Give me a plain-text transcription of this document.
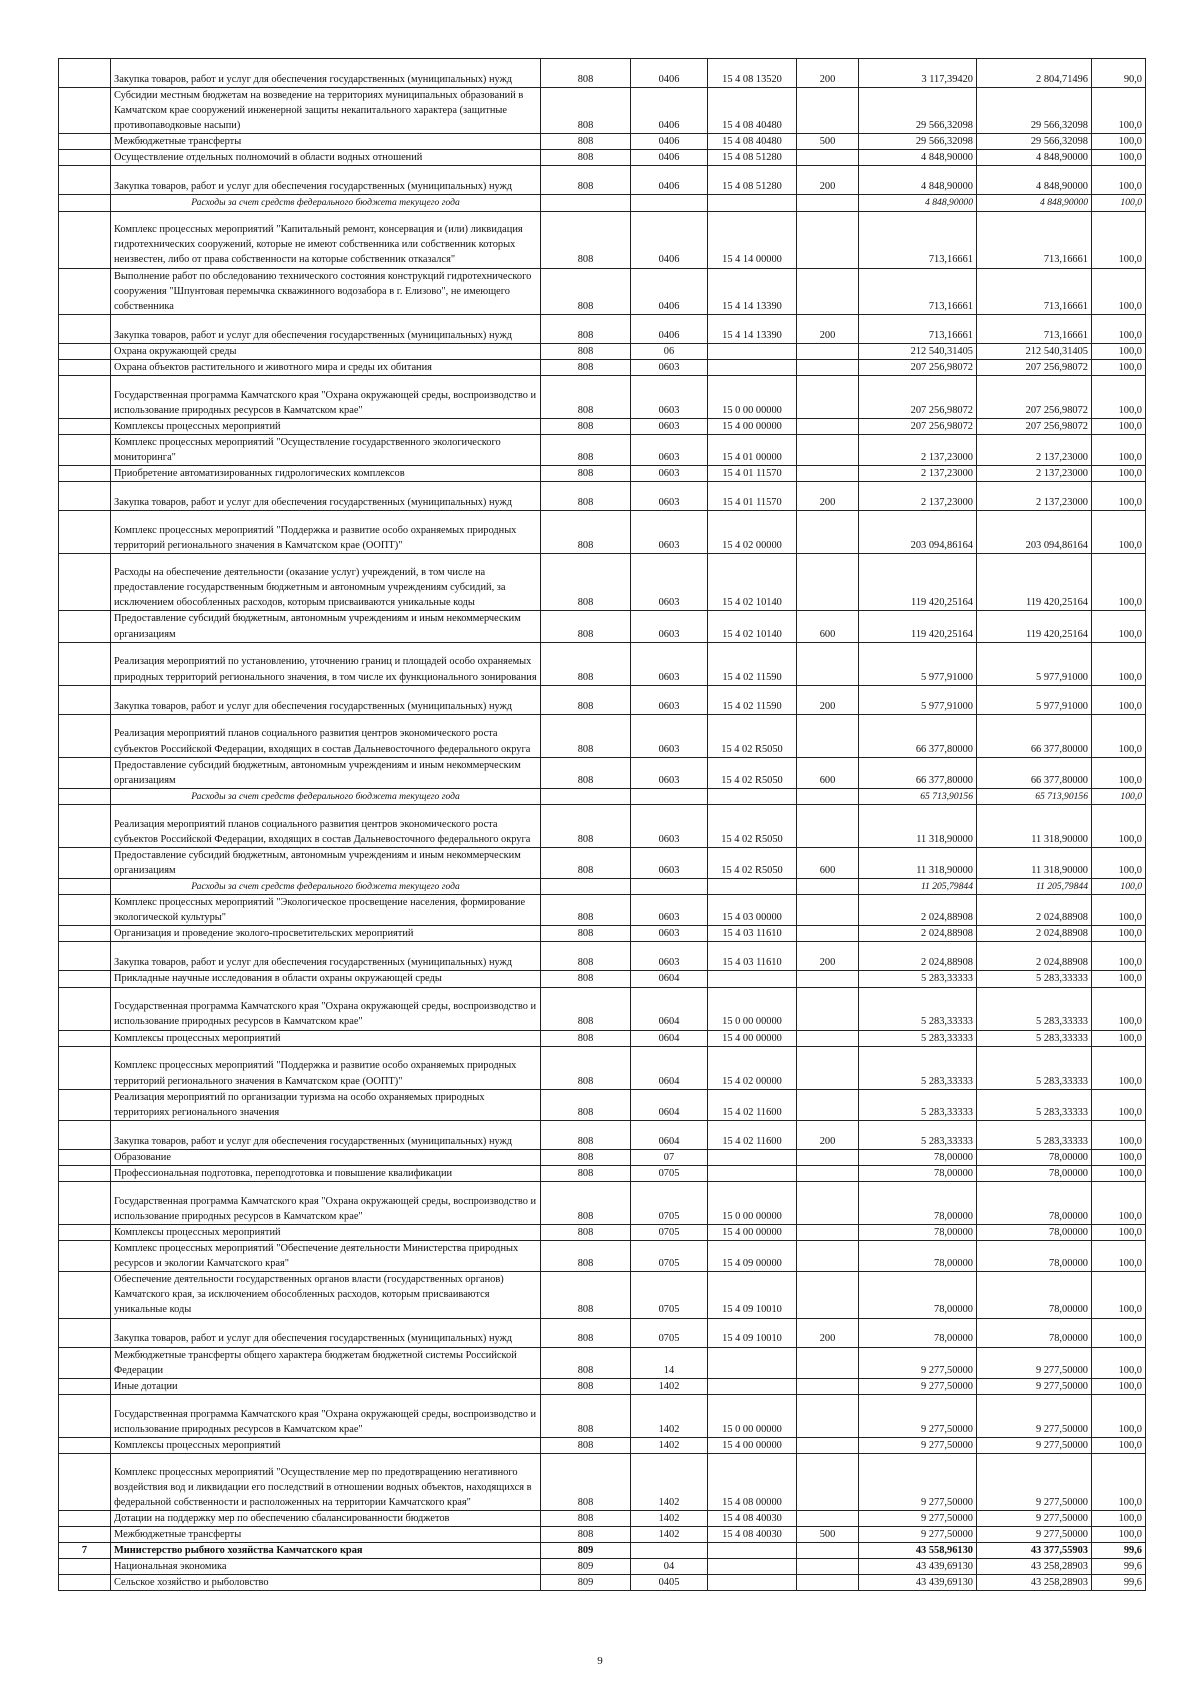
	Закупка товаров, работ и услуг для обеспечения государственных (муниципальных) нужд	808	0406	15 4 08 13520	200	3 117,39420	2 804,71496	90,0
	Субсидии местным бюджетам на возведение на территориях муниципальных образований в Камчатском крае сооружений инженерной защиты некапитального характера (защитные противопаводковые насыпи)	808	0406	15 4 08 40480		29 566,32098	29 566,32098	100,0
	Межбюджетные трансферты	808	0406	15 4 08 40480	500	29 566,32098	29 566,32098	100,0
	Осуществление отдельных полномочий в области водных отношений	808	0406	15 4 08 51280		4 848,90000	4 848,90000	100,0
	Закупка товаров, работ и услуг для обеспечения государственных (муниципальных) нужд	808	0406	15 4 08 51280	200	4 848,90000	4 848,90000	100,0
	Расходы за счет средств федерального бюджета текущего года					4 848,90000	4 848,90000	100,0
	Комплекс процессных мероприятий "Капитальный ремонт, консервация и (или) ликвидация гидротехнических сооружений, которые не имеют собственника или собственник которых неизвестен, либо от права собственности на которые собственник отказался"	808	0406	15 4 14 00000		713,16661	713,16661	100,0
	Выполнение работ по обследованию технического состояния конструкций гидротехнического сооружения "Шпунтовая перемычка скважинного водозабора в г. Елизово", не имеющего собственника	808	0406	15 4 14 13390		713,16661	713,16661	100,0
	Закупка товаров, работ и услуг для обеспечения государственных (муниципальных) нужд	808	0406	15 4 14 13390	200	713,16661	713,16661	100,0
	Охрана окружающей среды	808	06			212 540,31405	212 540,31405	100,0
	Охрана объектов растительного и животного мира и среды их обитания	808	0603			207 256,98072	207 256,98072	100,0
	Государственная программа Камчатского края "Охрана окружающей среды, воспроизводство и использование природных ресурсов в Камчатском крае"	808	0603	15 0 00 00000		207 256,98072	207 256,98072	100,0
	Комплексы процессных мероприятий	808	0603	15 4 00 00000		207 256,98072	207 256,98072	100,0
	Комплекс процессных мероприятий "Осуществление государственного экологического мониторинга"	808	0603	15 4 01 00000		2 137,23000	2 137,23000	100,0
	Приобретение автоматизированных гидрологических комплексов	808	0603	15 4 01 11570		2 137,23000	2 137,23000	100,0
	Закупка товаров, работ и услуг для обеспечения государственных (муниципальных) нужд	808	0603	15 4 01 11570	200	2 137,23000	2 137,23000	100,0
	Комплекс процессных мероприятий "Поддержка и развитие особо охраняемых природных территорий регионального значения в Камчатском крае (ООПТ)"	808	0603	15 4 02 00000		203 094,86164	203 094,86164	100,0
	Расходы на обеспечение деятельности (оказание услуг) учреждений, в том числе на предоставление государственным бюджетным и автономным учреждениям субсидий, за исключением обособленных расходов, которым присваиваются уникальные коды	808	0603	15 4 02 10140		119 420,25164	119 420,25164	100,0
	Предоставление субсидий бюджетным, автономным учреждениям и иным некоммерческим организациям	808	0603	15 4 02 10140	600	119 420,25164	119 420,25164	100,0
	Реализация мероприятий по установлению, уточнению границ и площадей особо охраняемых природных территорий регионального значения, в том числе их функционального зонирования	808	0603	15 4 02 11590		5 977,91000	5 977,91000	100,0
	Закупка товаров, работ и услуг для обеспечения государственных (муниципальных) нужд	808	0603	15 4 02 11590	200	5 977,91000	5 977,91000	100,0
	Реализация мероприятий планов социального развития центров экономического роста субъектов Российской Федерации, входящих в состав Дальневосточного федерального округа	808	0603	15 4 02 R5050		66 377,80000	66 377,80000	100,0
	Предоставление субсидий бюджетным, автономным учреждениям и иным некоммерческим организациям	808	0603	15 4 02 R5050	600	66 377,80000	66 377,80000	100,0
	Расходы за счет средств федерального бюджета текущего года					65 713,90156	65 713,90156	100,0
	Реализация мероприятий планов социального развития центров экономического роста субъектов Российской Федерации, входящих в состав Дальневосточного федерального округа	808	0603	15 4 02 R5050		11 318,90000	11 318,90000	100,0
	Предоставление субсидий бюджетным, автономным учреждениям и иным некоммерческим организациям	808	0603	15 4 02 R5050	600	11 318,90000	11 318,90000	100,0
	Расходы за счет средств федерального бюджета текущего года					11 205,79844	11 205,79844	100,0
	Комплекс процессных мероприятий "Экологическое просвещение населения, формирование экологической культуры"	808	0603	15 4 03 00000		2 024,88908	2 024,88908	100,0
	Организация и проведение эколого-просветительских мероприятий	808	0603	15 4 03 11610		2 024,88908	2 024,88908	100,0
	Закупка товаров, работ и услуг для обеспечения государственных (муниципальных) нужд	808	0603	15 4 03 11610	200	2 024,88908	2 024,88908	100,0
	Прикладные научные исследования в области охраны окружающей среды	808	0604			5 283,33333	5 283,33333	100,0
	Государственная программа Камчатского края "Охрана окружающей среды, воспроизводство и использование природных ресурсов в Камчатском крае"	808	0604	15 0 00 00000		5 283,33333	5 283,33333	100,0
	Комплексы процессных мероприятий	808	0604	15 4 00 00000		5 283,33333	5 283,33333	100,0
	Комплекс процессных мероприятий "Поддержка и развитие особо охраняемых природных территорий регионального значения в Камчатском крае (ООПТ)"	808	0604	15 4 02 00000		5 283,33333	5 283,33333	100,0
	Реализация мероприятий по организации туризма на особо охраняемых природных территориях регионального значения	808	0604	15 4 02 11600		5 283,33333	5 283,33333	100,0
	Закупка товаров, работ и услуг для обеспечения государственных (муниципальных) нужд	808	0604	15 4 02 11600	200	5 283,33333	5 283,33333	100,0
	Образование	808	07			78,00000	78,00000	100,0
	Профессиональная подготовка, переподготовка и повышение квалификации	808	0705			78,00000	78,00000	100,0
	Государственная программа Камчатского края "Охрана окружающей среды, воспроизводство и использование природных ресурсов в Камчатском крае"	808	0705	15 0 00 00000		78,00000	78,00000	100,0
	Комплексы процессных мероприятий	808	0705	15 4 00 00000		78,00000	78,00000	100,0
	Комплекс процессных мероприятий "Обеспечение деятельности Министерства природных ресурсов и экологии Камчатского края"	808	0705	15 4 09 00000		78,00000	78,00000	100,0
	Обеспечение деятельности государственных органов власти (государственных органов) Камчатского края, за исключением обособленных расходов, которым присваиваются уникальные коды	808	0705	15 4 09 10010		78,00000	78,00000	100,0
	Закупка товаров, работ и услуг для обеспечения государственных (муниципальных) нужд	808	0705	15 4 09 10010	200	78,00000	78,00000	100,0
	Межбюджетные трансферты общего характера бюджетам бюджетной системы Российской Федерации	808	14			9 277,50000	9 277,50000	100,0
	Иные дотации	808	1402			9 277,50000	9 277,50000	100,0
	Государственная программа Камчатского края "Охрана окружающей среды, воспроизводство и использование природных ресурсов в Камчатском крае"	808	1402	15 0 00 00000		9 277,50000	9 277,50000	100,0
	Комплексы процессных мероприятий	808	1402	15 4 00 00000		9 277,50000	9 277,50000	100,0
	Комплекс процессных мероприятий "Осуществление мер по предотвращению негативного воздействия вод и ликвидации его последствий в отношении водных объектов, находящихся в федеральной собственности и расположенных на территории Камчатского края"	808	1402	15 4 08 00000		9 277,50000	9 277,50000	100,0
	Дотации на поддержку мер по обеспечению сбалансированности бюджетов	808	1402	15 4 08 40030		9 277,50000	9 277,50000	100,0
	Межбюджетные трансферты	808	1402	15 4 08 40030	500	9 277,50000	9 277,50000	100,0
7	Министерство рыбного хозяйства Камчатского края	809				43 558,96130	43 377,55903	99,6
	Национальная экономика	809	04			43 439,69130	43 258,28903	99,6
	Сельское хозяйство и рыболовство	809	0405			43 439,69130	43 258,28903	99,6
9
